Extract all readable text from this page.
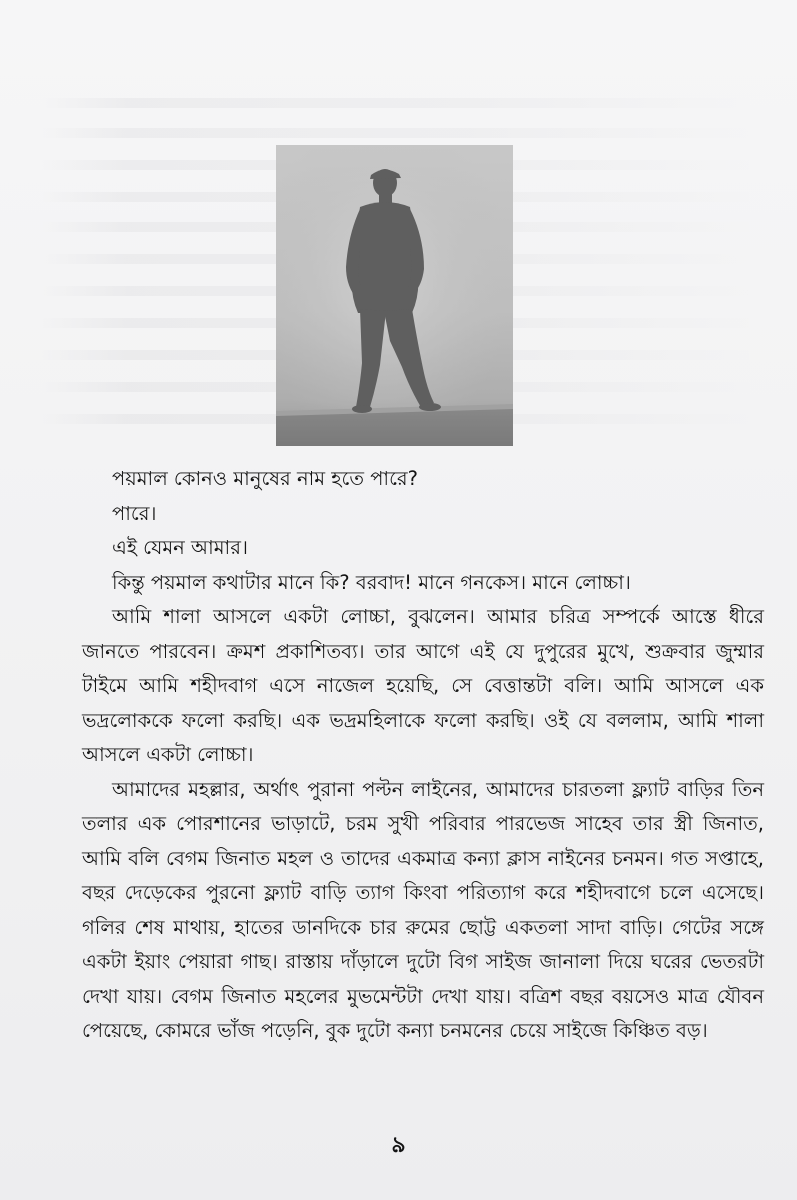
পয়মাল কোনও মানুষের নাম হতে পারে?

পারে।

এই যেমন আমার।

কিন্তু পয়মাল কথাটার মানে কি? বরবাদ! মানে গনকেস। মানে লোচ্চা।

আমি শালা আসলে একটা লোচ্চা, বুঝলেন। আমার চরিত্র সম্পর্কে আস্তে ধীরে জানতে পারবেন। ক্রমশ প্রকাশিতব্য। তার আগে এই যে দুপুরের মুখে, শুক্রবার জুম্মার টাইমে আমি শহীদবাগ এসে নাজেল হয়েছি, সে বেত্তান্তটা বলি। আমি আসলে এক ভদ্রলোককে ফলো করছি। এক ভদ্রমহিলাকে ফলো করছি। ওই যে বললাম, আমি শালা আসলে একটা লোচ্চা।

আমাদের মহল্লার, অর্থাৎ পুরানা পল্টন লাইনের, আমাদের চারতলা ফ্ল্যাট বাড়ির তিন তলার এক পোরশানের ভাড়াটে, চরম সুখী পরিবার পারভেজ সাহেব তার স্ত্রী জিনাত, আমি বলি বেগম জিনাত মহল ও তাদের একমাত্র কন্যা ক্লাস নাইনের চনমন। গত সপ্তাহে, বছর দেড়েকের পুরনো ফ্ল্যাট বাড়ি ত্যাগ কিংবা পরিত্যাগ করে শহীদবাগে চলে এসেছে। গলির শেষ মাথায়, হাতের ডানদিকে চার রুমের ছোট্ট একতলা সাদা বাড়ি। গেটের সঙ্গে একটা ইয়াং পেয়ারা গাছ। রাস্তায় দাঁড়ালে দুটো বিগ সাইজ জানালা দিয়ে ঘরের ভেতরটা দেখা যায়। বেগম জিনাত মহলের মুভমেন্টটা দেখা যায়। বত্রিশ বছর বয়সেও মাত্র যৌবন পেয়েছে, কোমরে ভাঁজ পড়েনি, বুক দুটো কন্যা চনমনের চেয়ে সাইজে কিঞ্চিত বড়।

৯
